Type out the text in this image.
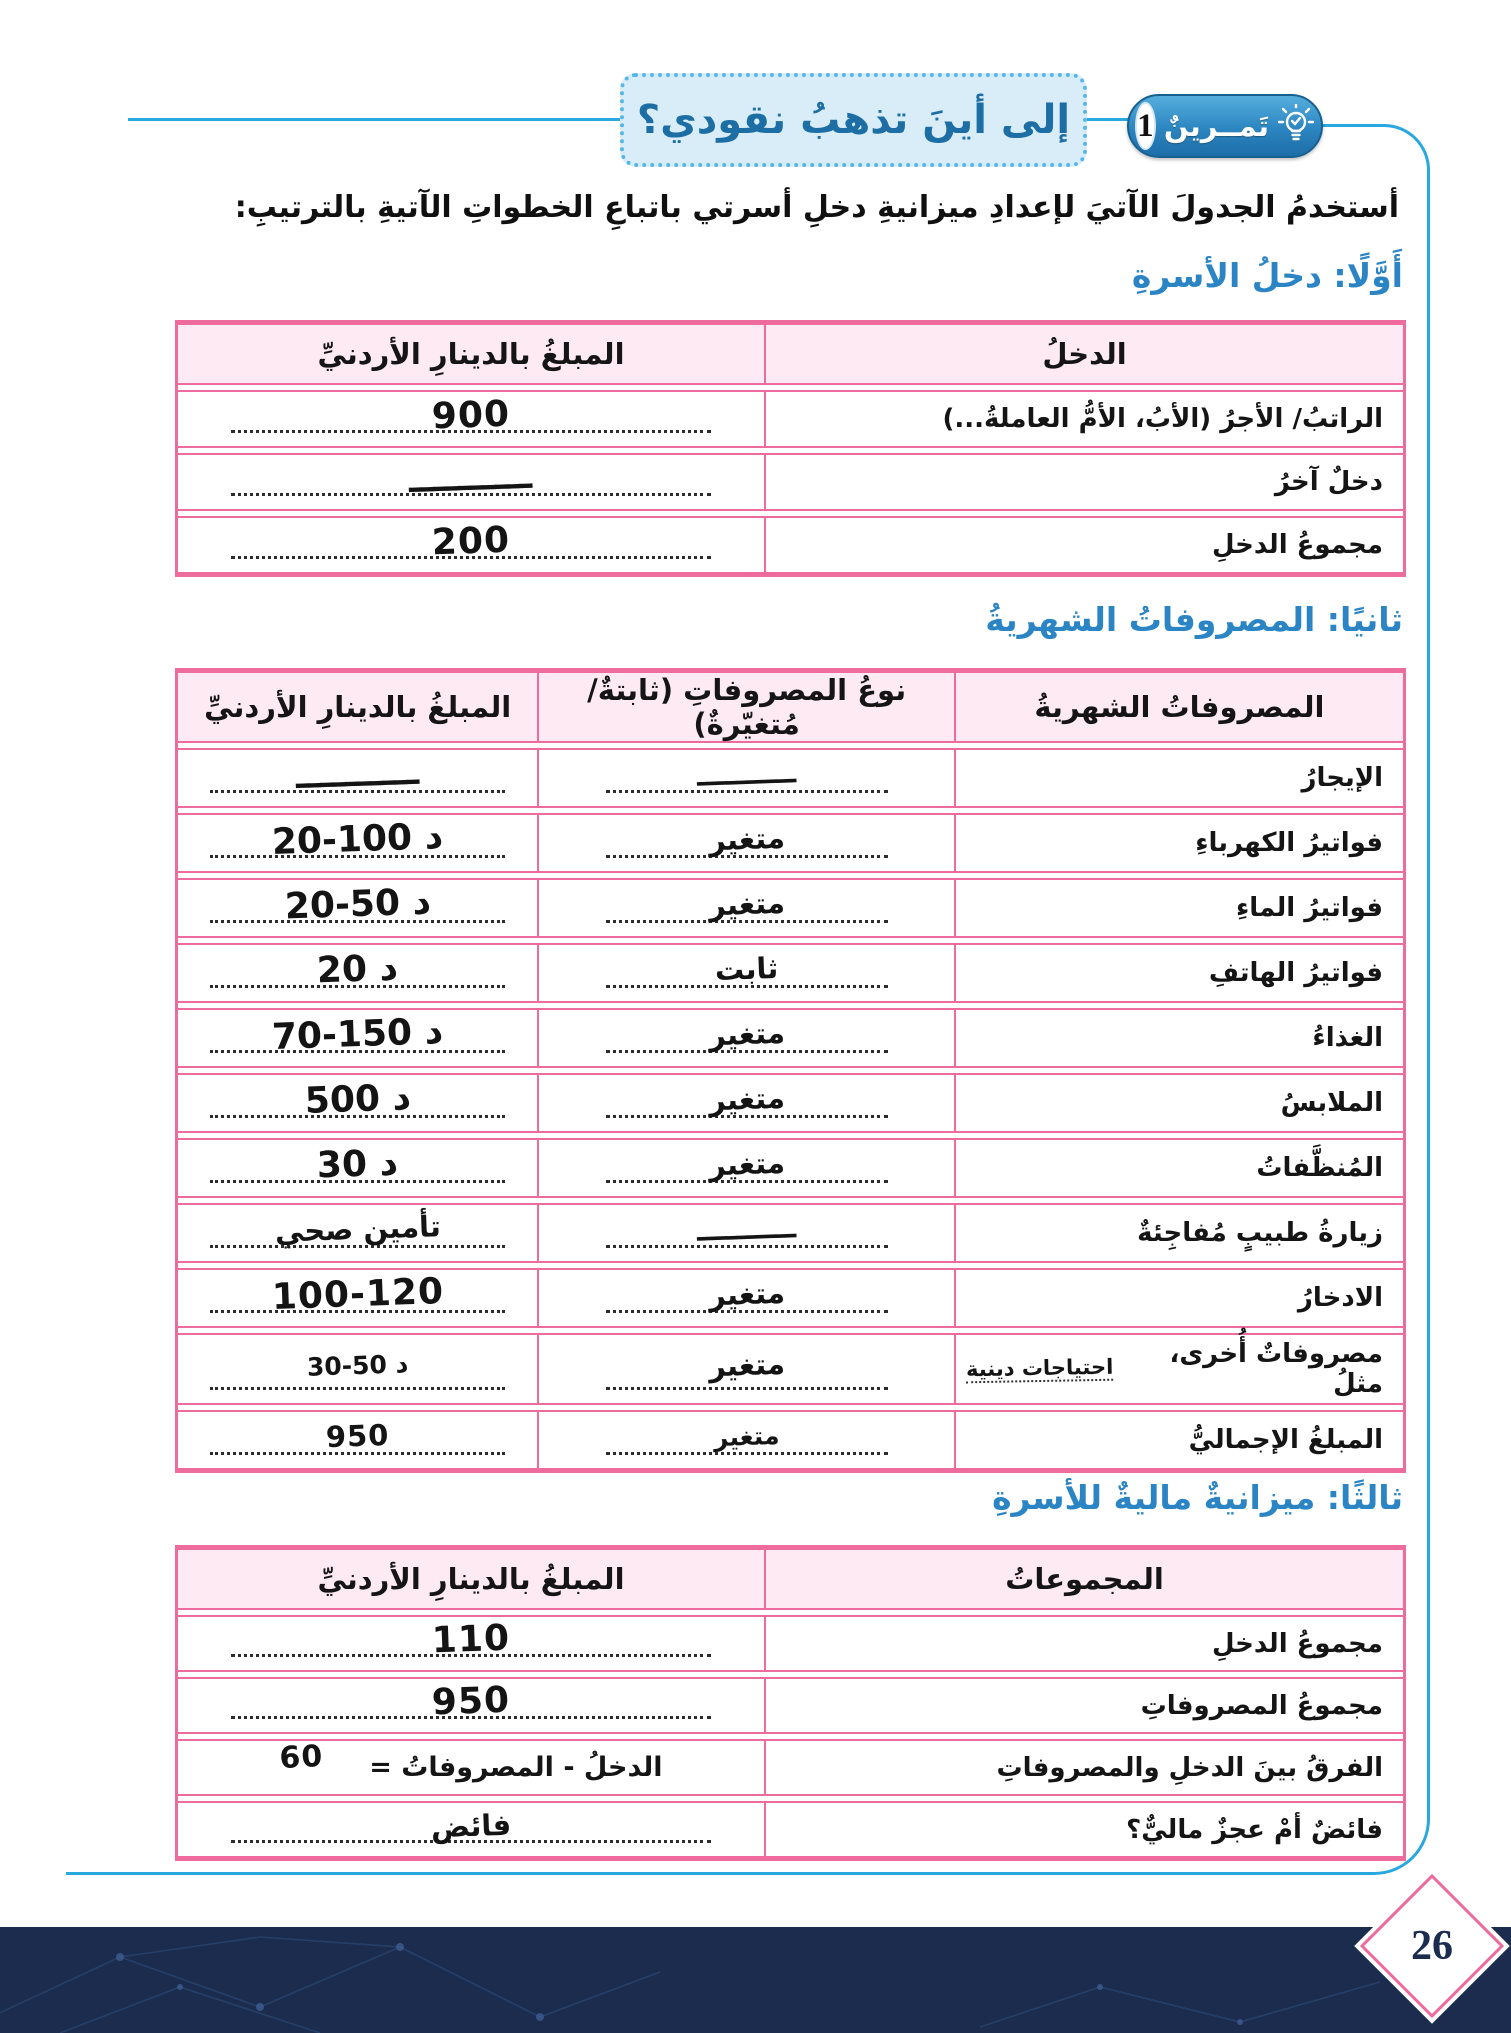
إلى أينَ تذهبُ نقودي؟	تَمــرينٌ
1
أستخدمُ الجدولَ الآتيَ لإعدادِ ميزانيةِ دخلِ أسرتي باتباعِ الخطواتِ الآتيةِ بالترتيبِ:
أَوَّلًا: دخلُ الأسرةِ
الدخلُ
المبلغُ بالدينارِ الأردنيِّ
الراتبُ/ الأجرُ (الأبُ، الأمُّ العاملةُ...)
900
دخلٌ آخرُ
ــــــــــ
مجموعُ الدخلِ
200
ثانيًا: المصروفاتُ الشهريةُ
المصروفاتُ الشهريةُ
نوعُ المصروفاتِ (ثابتةٌ/ مُتغيّرةٌ)
المبلغُ بالدينارِ الأردنيِّ
الإيجارُ
ــــــــــ
ــــــــــ
فواتيرُ الكهرباءِ
متغير
20-100 د
فواتيرُ الماءِ
متغير
20-50 د
فواتيرُ الهاتفِ
ثابت
20 د
الغذاءُ
متغير
70-150 د
الملابسُ
متغير
500 د
المُنظَّفاتُ
متغير
30 د
زيارةُ طبيبٍ مُفاجِئةٌ
ــــــــــ
تأمين صحي
الادخارُ
متغير
100-120
مصروفاتٌ أُخرى، مثلُ
احتياجات دينية
متغير
30-50 د
المبلغُ الإجماليُّ
متغير
950
ثالثًا: ميزانيةٌ ماليةٌ للأسرةِ
المجموعاتُ
المبلغُ بالدينارِ الأردنيِّ
مجموعُ الدخلِ
110
مجموعُ المصروفاتِ
950
الفرقُ بينَ الدخلِ والمصروفاتِ
الدخلُ - المصروفاتُ =
60
فائضٌ أمْ عجزٌ ماليٌّ؟
فائض
26
